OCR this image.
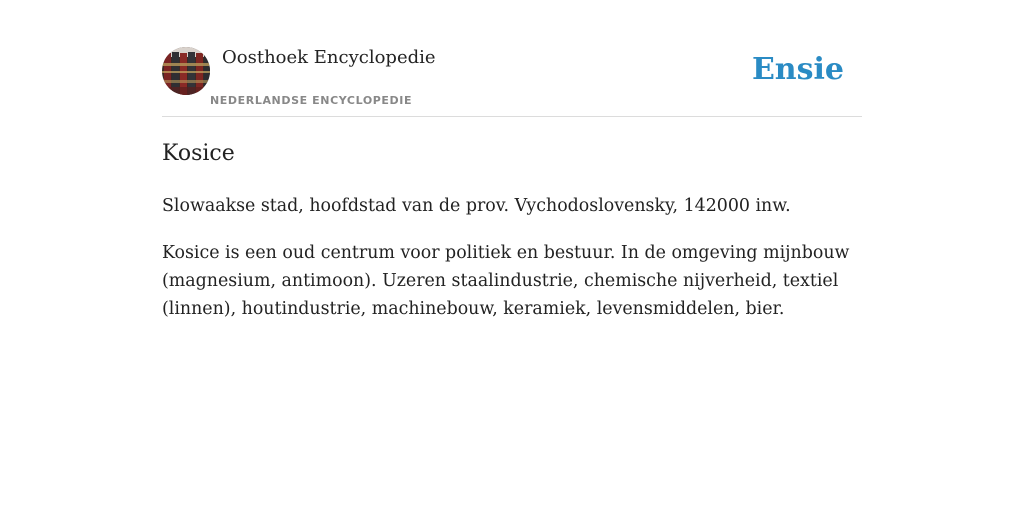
Oosthoek Encyclopedie
NEDERLANDSE ENCYCLOPEDIE
Ensie
Kosice

Slowaakse stad, hoofdstad van de prov. Vychodoslovensky, 142000 inw.

Kosice is een oud centrum voor politiek en bestuur. In de omgeving mijnbouw (magnesium, antimoon). Uzeren staalindustrie, chemische nijverheid, textiel (linnen), houtindustrie, machinebouw, keramiek, levensmiddelen, bier.
